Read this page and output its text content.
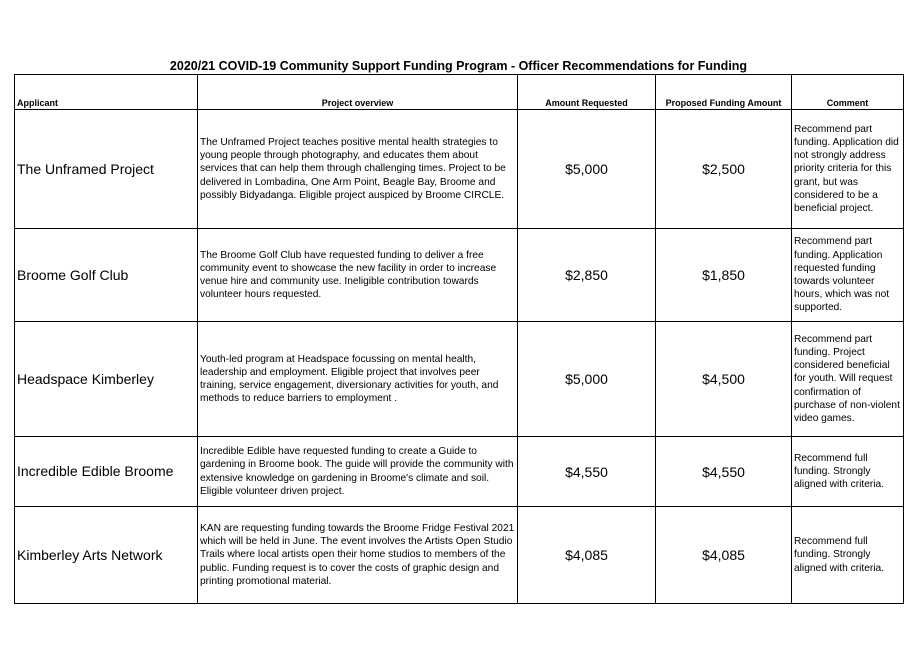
2020/21 COVID-19 Community Support Funding Program - Officer Recommendations for Funding
Applicant	Project overview	Amount Requested	Proposed Funding Amount	Comment
The Unframed Project	The Unframed Project teaches positive mental health strategies to young people through photography, and educates them about services that can help them through challenging times. Project to be delivered in Lombadina, One Arm Point, Beagle Bay, Broome and possibly Bidyadanga. Eligible project auspiced by Broome CIRCLE.	$5,000	$2,500	Recommend part funding. Application did not strongly address priority criteria for this grant, but was considered to be a beneficial project.
Broome Golf Club	The Broome Golf Club have requested funding to deliver a free community event to showcase the new facility in order to increase venue hire and community use. Ineligible contribution towards volunteer hours requested.	$2,850	$1,850	Recommend part funding. Application requested funding towards volunteer hours, which was not supported.
Headspace Kimberley	Youth-led program at Headspace focussing on mental health, leadership and employment. Eligible project that involves peer training, service engagement, diversionary activities for youth, and methods to reduce barriers to employment .	$5,000	$4,500	Recommend part funding. Project considered beneficial for youth. Will request confirmation of purchase of non-violent video games.
Incredible Edible Broome	Incredible Edible have requested funding to create a Guide to gardening in Broome book. The guide will provide the community with extensive knowledge on gardening in Broome's climate and soil. Eligible volunteer driven project.	$4,550	$4,550	Recommend full funding. Strongly aligned with criteria.
Kimberley Arts Network	KAN are requesting funding towards the Broome Fridge Festival 2021 which will be held in June. The event involves the Artists Open Studio Trails where local artists open their home studios to members of the public. Funding request is to cover the costs of graphic design and printing promotional material.	$4,085	$4,085	Recommend full funding. Strongly aligned with criteria.
